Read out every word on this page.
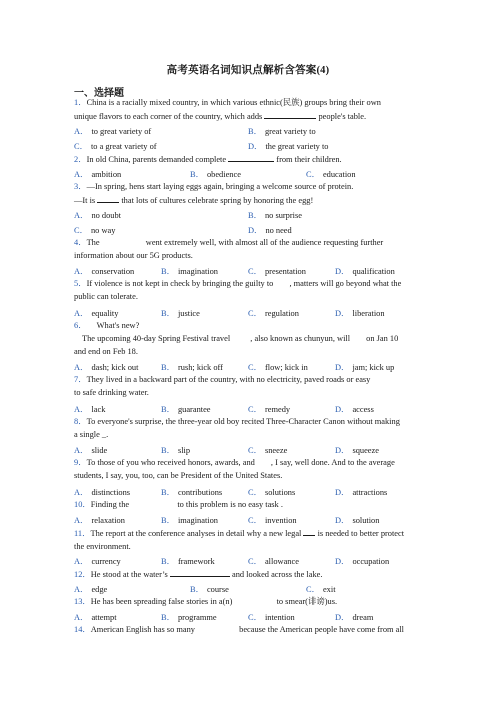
高考英语名词知识点解析含答案(4)
一、选择题
1．China is a racially mixed country, in which various ethnic(民族) groups bring their own
unique flavors to each corner of the country, which adds	people's table.
A． to great variety of	B． great variety to
C． to a great variety of	D． the great variety to
2．In old China, parents demanded complete	from their children.
A． ambition	B． obedience	C． education
3．—In spring, hens start laying eggs again, bringing a welcome source of protein.
—It is	that lots of cultures celebrate spring by honoring the egg!
A． no doubt	B． no surprise
C． no way	D． no need
4．The	went extremely well, with almost all of the audience requesting further
information about our 5G products.
A． conservation	B． imagination	C． presentation	D． qualification
5．If violence is not kept in check by bringing the guilty to , matters will go beyond what the
public can tolerate.
A． equality	B． justice	C． regulation	D． liberation
6． What's new?
The upcoming 40-day Spring Festival travel , also known as chunyun, will on Jan 10
and end on Feb 18.
A． dash; kick out	B． rush; kick off	C． flow; kick in	D． jam; kick up
7．They lived in a backward part of the country, with no electricity, paved roads or easy
to safe drinking water.
A． lack	B． guarantee	C． remedy	D． access
8．To everyone's surprise, the three-year old boy recited Three-Character Canon without making
a single _.
A． slide	B． slip	C． sneeze	D． squeeze
9．To those of you who received honors, awards, and , I say, well done. And to the average
students, I say, you, too, can be President of the United States.
A． distinctions	B． contributions	C． solutions	D． attractions
10．Finding the	to this problem is no easy task .
A． relaxation	B． imagination	C． invention	D． solution
11．The report at the conference analyses in detail why a new legal is needed to better protect
the environment.
A． currency	B． framework	C． allowance	D． occupation
12．He stood at the water’s	and looked across the lake.
A． edge	B． course	C． exit
13．He has been spreading false stories in a(n)	to smear(诽谤)us.
A． attempt	B． programme	C． intention	D． dream
14．American English has so many	because the American people have come from all
